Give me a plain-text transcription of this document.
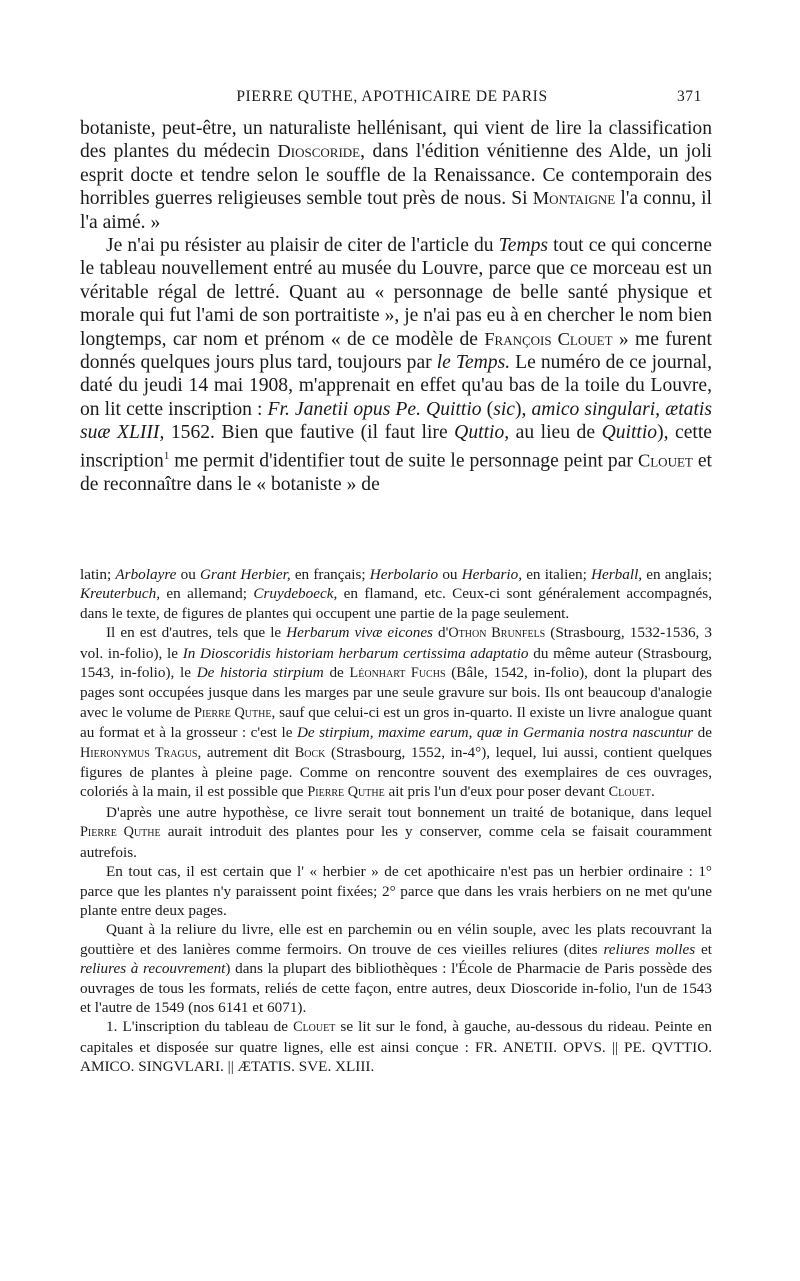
PIERRE QUTHE, APOTHICAIRE DE PARIS	371

botaniste, peut-être, un naturaliste hellénisant, qui vient de lire la classification des plantes du médecin Dioscoride, dans l'édition vénitienne des Alde, un joli esprit docte et tendre selon le souffle de la Renaissance. Ce contemporain des horribles guerres religieuses semble tout près de nous. Si Montaigne l'a connu, il l'a aimé. »

Je n'ai pu résister au plaisir de citer de l'article du Temps tout ce qui concerne le tableau nouvellement entré au musée du Louvre, parce que ce morceau est un véritable régal de lettré. Quant au « personnage de belle santé physique et morale qui fut l'ami de son portraitiste », je n'ai pas eu à en chercher le nom bien longtemps, car nom et prénom « de ce modèle de François Clouet » me furent donnés quelques jours plus tard, toujours par le Temps. Le numéro de ce journal, daté du jeudi 14 mai 1908, m'apprenait en effet qu'au bas de la toile du Louvre, on lit cette inscription : Fr. Janetii opus Pe. Quittio (sic), amico singulari, ætatis suæ XLIII, 1562. Bien que fautive (il faut lire Quttio, au lieu de Quittio), cette inscription$^1$ me permit d'identifier tout de suite le personnage peint par Clouet et de reconnaître dans le « botaniste » de

latin; Arbolayre ou Grant Herbier, en français; Herbolario ou Herbario, en italien; Herball, en anglais; Kreuterbuch, en allemand; Cruydeboeck, en flamand, etc. Ceux-ci sont généralement accompagnés, dans le texte, de figures de plantes qui occupent une partie de la page seulement.

Il en est d'autres, tels que le Herbarum vivæ eicones d'Othon Brunfels (Strasbourg, 1532-1536, 3 vol. in-folio), le In Dioscoridis historiam herbarum certissima adaptatio du même auteur (Strasbourg, 1543, in-folio), le De historia stirpium de Léonhart Fuchs (Bâle, 1542, in-folio), dont la plupart des pages sont occupées jusque dans les marges par une seule gravure sur bois. Ils ont beaucoup d'analogie avec le volume de Pierre Quthe, sauf que celui-ci est un gros in-quarto. Il existe un livre analogue quant au format et à la grosseur : c'est le De stirpium, maxime earum, quæ in Germania nostra nascuntur de Hieronymus Tragus, autrement dit Bock (Strasbourg, 1552, in-4°), lequel, lui aussi, contient quelques figures de plantes à pleine page. Comme on rencontre souvent des exemplaires de ces ouvrages, coloriés à la main, il est possible que Pierre Quthe ait pris l'un d'eux pour poser devant Clouet.

D'après une autre hypothèse, ce livre serait tout bonnement un traité de botanique, dans lequel Pierre Quthe aurait introduit des plantes pour les y conserver, comme cela se faisait couramment autrefois.

En tout cas, il est certain que l' « herbier » de cet apothicaire n'est pas un herbier ordinaire : 1° parce que les plantes n'y paraissent point fixées; 2° parce que dans les vrais herbiers on ne met qu'une plante entre deux pages.

Quant à la reliure du livre, elle est en parchemin ou en vélin souple, avec les plats recouvrant la gouttière et des lanières comme fermoirs. On trouve de ces vieilles reliures (dites reliures molles et reliures à recouvrement) dans la plupart des bibliothèques : l'École de Pharmacie de Paris possède des ouvrages de tous les formats, reliés de cette façon, entre autres, deux Dioscoride in-folio, l'un de 1543 et l'autre de 1549 (nos 6141 et 6071).

1. L'inscription du tableau de Clouet se lit sur le fond, à gauche, au-dessous du rideau. Peinte en capitales et disposée sur quatre lignes, elle est ainsi conçue : FR. ANETII. OPVS. || PE. QVTTIO. AMICO. SINGVLARI. || ÆTATIS. SVE. XLIII.
